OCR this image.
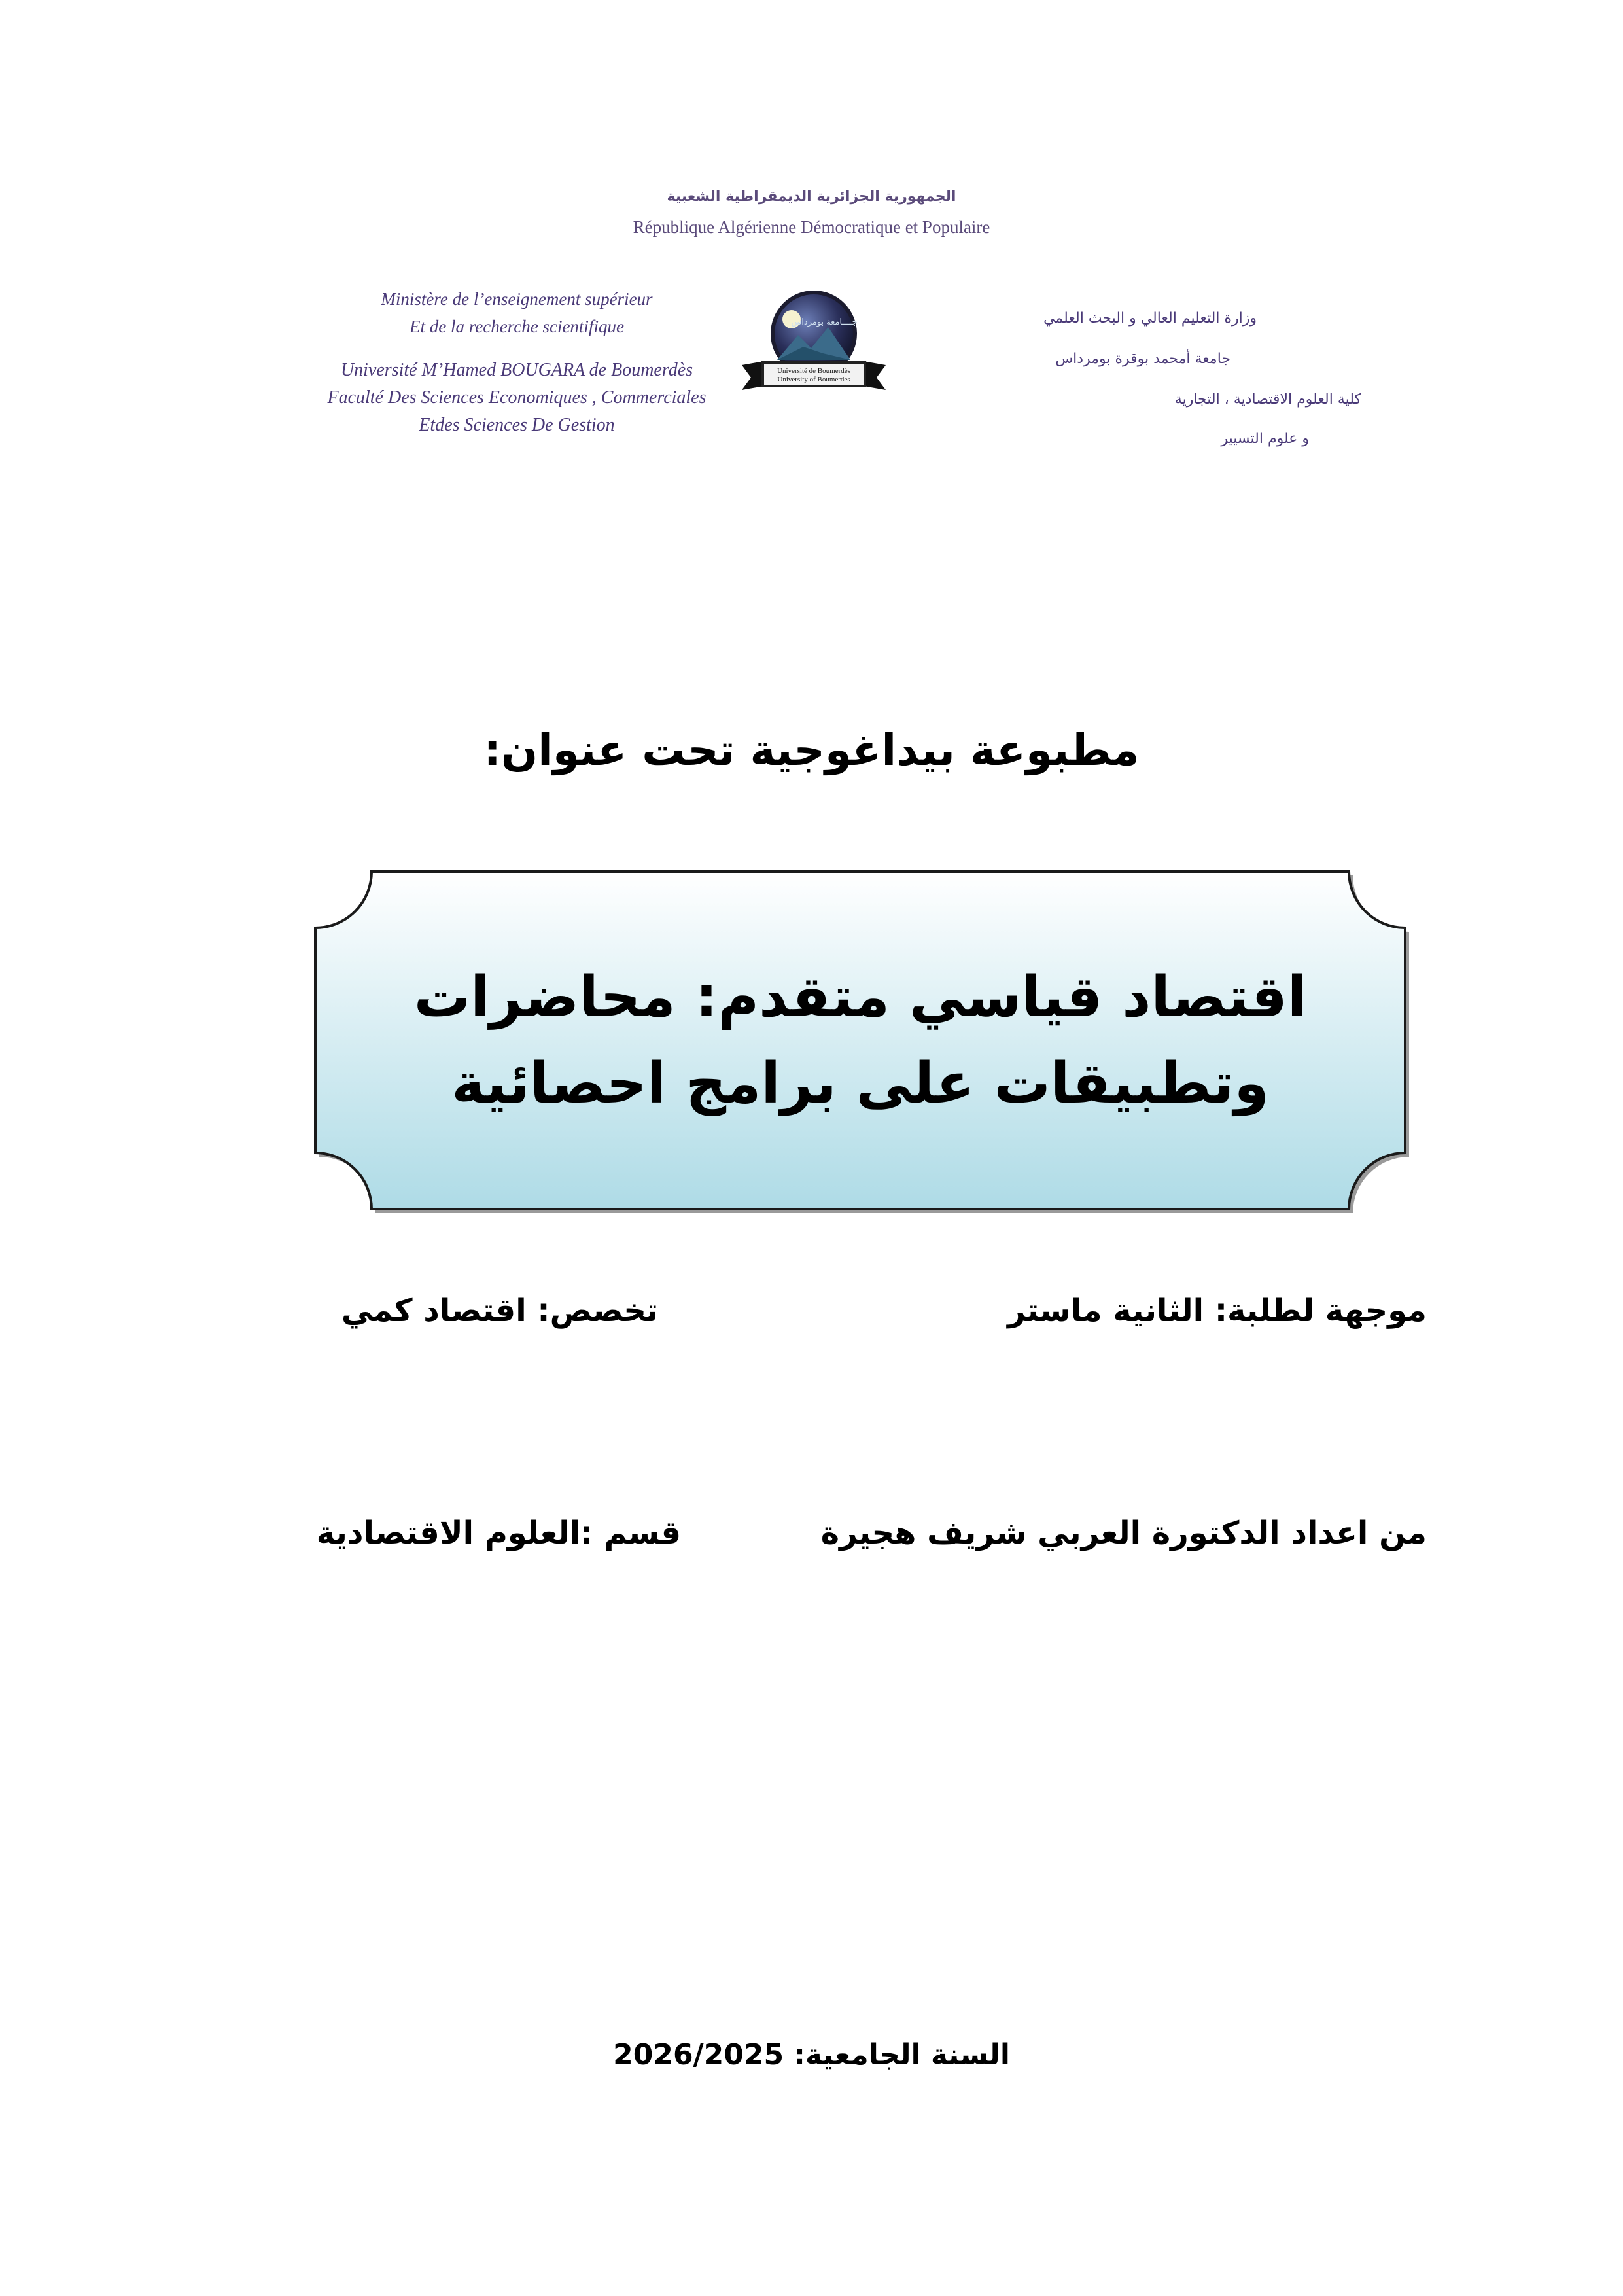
الجمهورية الجزائرية الديمقراطية الشعبية
République Algérienne Démocratique et Populaire
Ministère de l’enseignement supérieur
Et de la recherche scientifique
Université M’Hamed BOUGARA de Boumerdès
Faculté Des Sciences Economiques , Commerciales
Etdes Sciences De Gestion
جــــامعة بومرداس
Université de Boumerdès
University of Boumerdes
وزارة التعليم العالي و البحث العلمي
جامعة أمحمد بوقرة بومرداس
كلية العلوم الاقتصادية ، التجارية
و علوم التسيير
مطبوعة بيداغوجية تحت عنوان:
اقتصاد قياسي متقدم: محاضرات
وتطبيقات على برامج احصائية
موجهة لطلبة: الثانية ماستر
تخصص: اقتصاد كمي
من اعداد الدكتورة العربي شريف هجيرة
قسم :العلوم الاقتصادية
السنة الجامعية: 2026/2025
